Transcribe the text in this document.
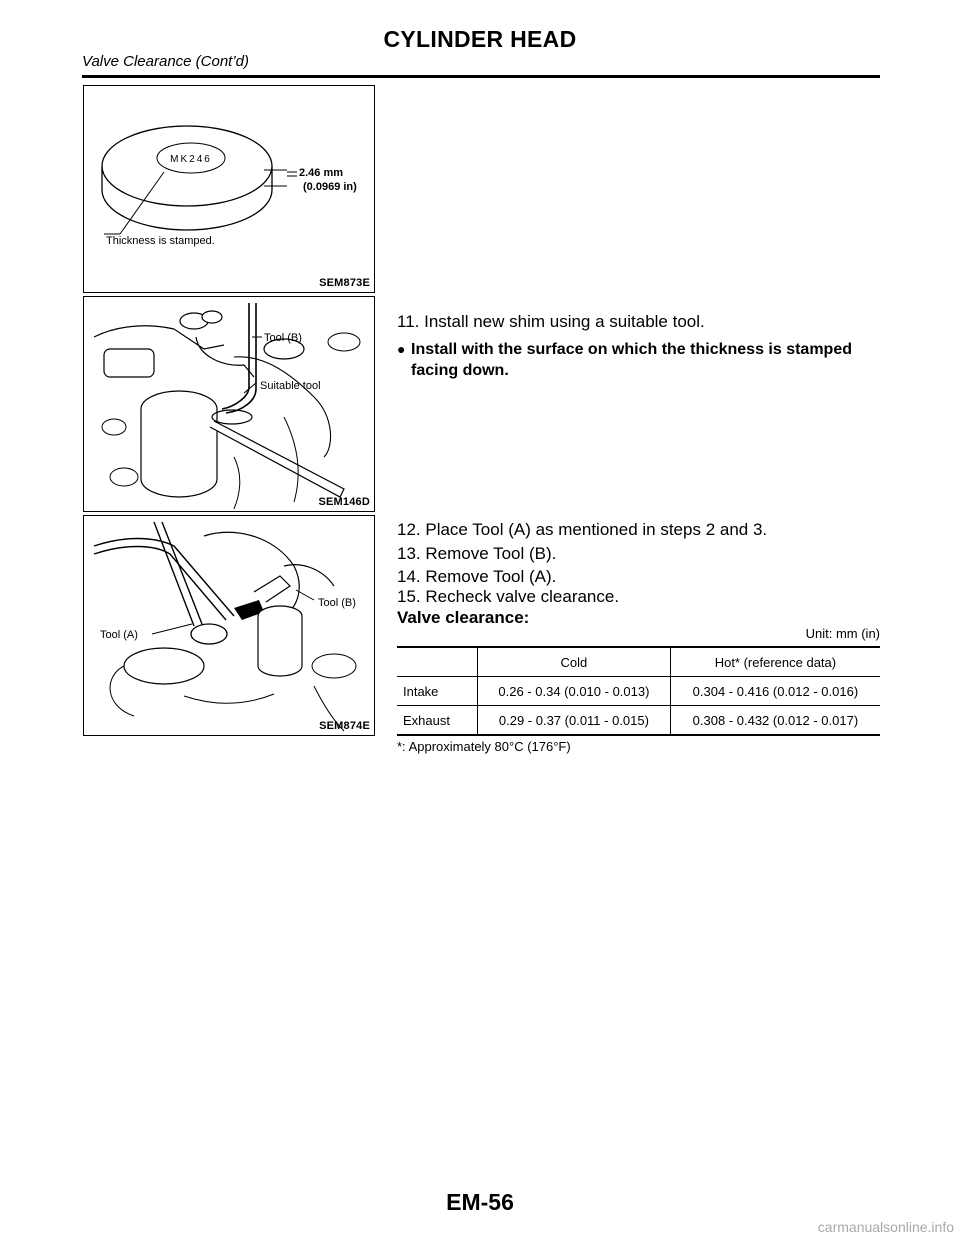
CYLINDER HEAD
Valve Clearance (Cont’d)
MK246
2.46 mm
(0.0969 in)
Thickness is stamped.
SEM873E
Tool (B)
Suitable tool
SEM146D
Tool (A)
Tool (B)
SEM874E
11. Install new shim using a suitable tool.
● Install with the surface on which the thickness is stamped facing down.
12. Place Tool (A) as mentioned in steps 2 and 3.
13. Remove Tool (B).
14. Remove Tool (A).
15. Recheck valve clearance.
Valve clearance:
Unit: mm (in)
	Cold	Hot* (reference data)
Intake	0.26 - 0.34 (0.010 - 0.013)	0.304 - 0.416 (0.012 - 0.016)
Exhaust	0.29 - 0.37 (0.011 - 0.015)	0.308 - 0.432 (0.012 - 0.017)
*: Approximately 80°C (176°F)
EM-56
carmanualsonline.info
